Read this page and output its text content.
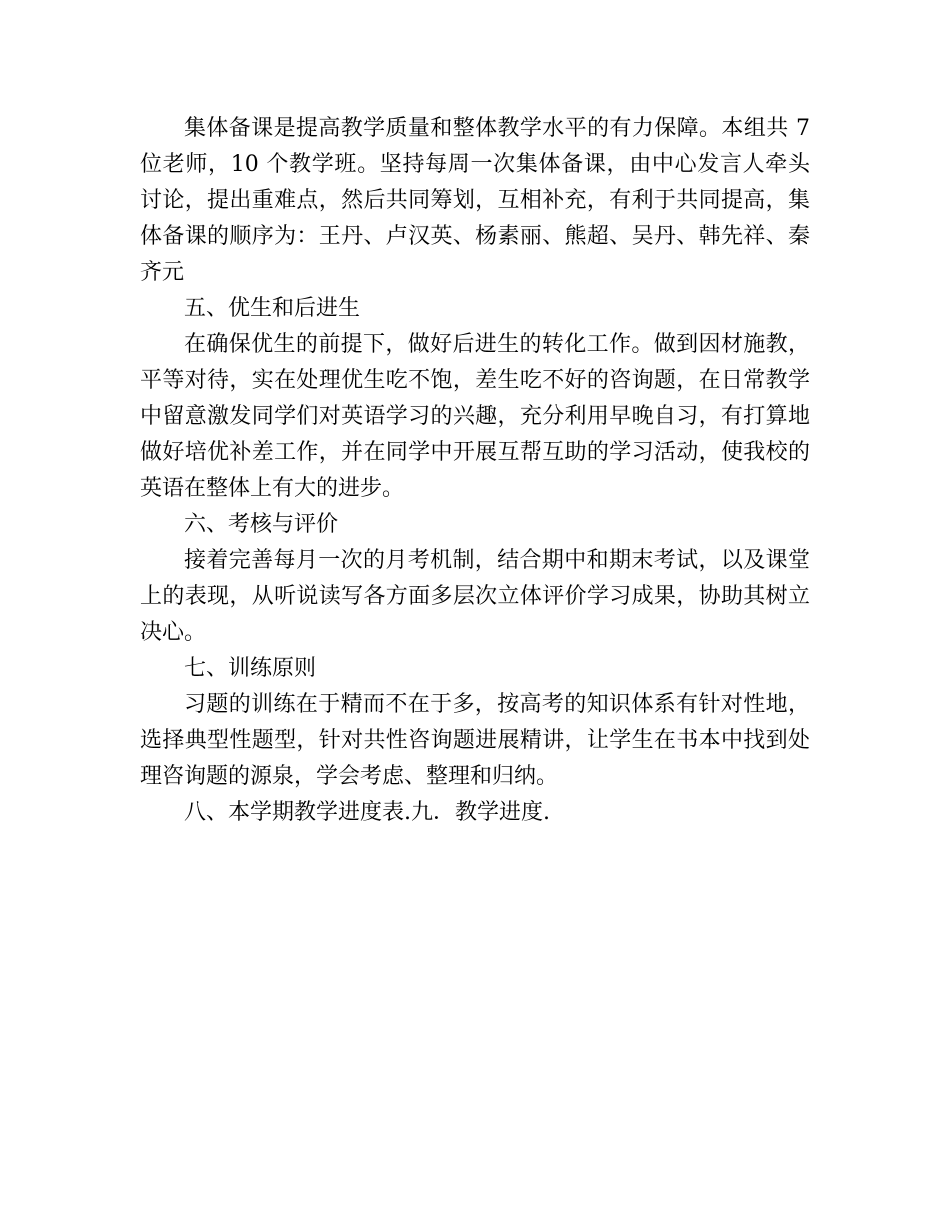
集体备课是提高教学质量和整体教学水平的有力保障。本组共 7 位老师，10 个教学班。坚持每周一次集体备课，由中心发言人牵头讨论，提出重难点，然后共同筹划，互相补充，有利于共同提高，集体备课的顺序为：王丹、卢汉英、杨素丽、熊超、吴丹、韩先祥、秦齐元

五、优生和后进生

在确保优生的前提下，做好后进生的转化工作。做到因材施教，平等对待，实在处理优生吃不饱，差生吃不好的咨询题，在日常教学中留意激发同学们对英语学习的兴趣，充分利用早晚自习，有打算地做好培优补差工作，并在同学中开展互帮互助的学习活动，使我校的英语在整体上有大的进步。

六、考核与评价

接着完善每月一次的月考机制，结合期中和期末考试，以及课堂上的表现，从听说读写各方面多层次立体评价学习成果，协助其树立决心。

七、训练原则

习题的训练在于精而不在于多，按高考的知识体系有针对性地，选择典型性题型，针对共性咨询题进展精讲，让学生在书本中找到处理咨询题的源泉，学会考虑、整理和归纳。

八、本学期教学进度表.九．教学进度.
